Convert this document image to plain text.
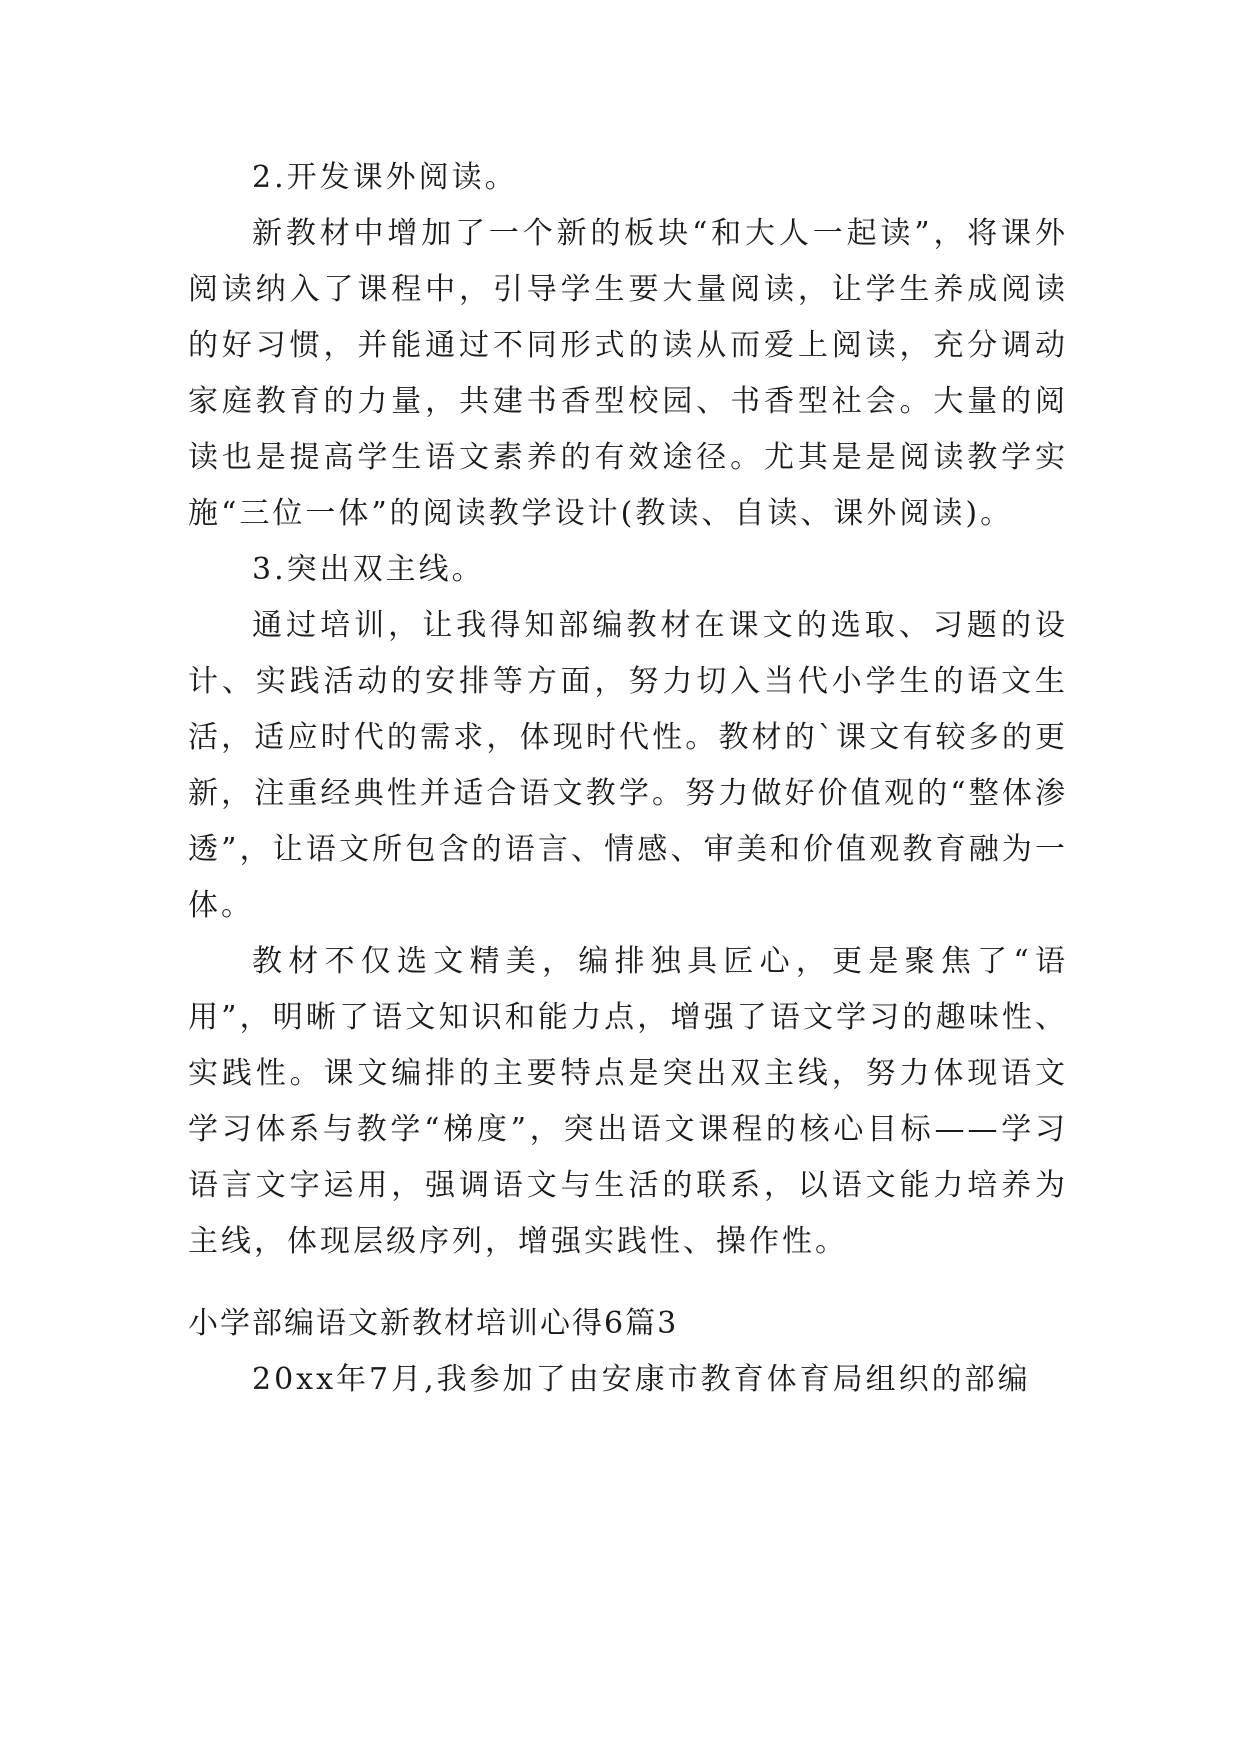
2.开发课外阅读。

新教材中增加了一个新的板块“和大人一起读”，将课外阅读纳入了课程中，引导学生要大量阅读，让学生养成阅读的好习惯，并能通过不同形式的读从而爱上阅读，充分调动家庭教育的力量，共建书香型校园、书香型社会。大量的阅读也是提高学生语文素养的有效途径。尤其是是阅读教学实施“三位一体”的阅读教学设计(教读、自读、课外阅读)。

3.突出双主线。

通过培训，让我得知部编教材在课文的选取、习题的设计、实践活动的安排等方面，努力切入当代小学生的语文生活，适应时代的需求，体现时代性。教材的`课文有较多的更新，注重经典性并适合语文教学。努力做好价值观的“整体渗透”，让语文所包含的语言、情感、审美和价值观教育融为一体。

教材不仅选文精美，编排独具匠心，更是聚焦了“语用”，明晰了语文知识和能力点，增强了语文学习的趣味性、实践性。课文编排的主要特点是突出双主线，努力体现语文学习体系与教学“梯度”，突出语文课程的核心目标——学习语言文字运用，强调语文与生活的联系，以语文能力培养为主线，体现层级序列，增强实践性、操作性。

小学部编语文新教材培训心得6篇3

20xx年7月,我参加了由安康市教育体育局组织的部编
